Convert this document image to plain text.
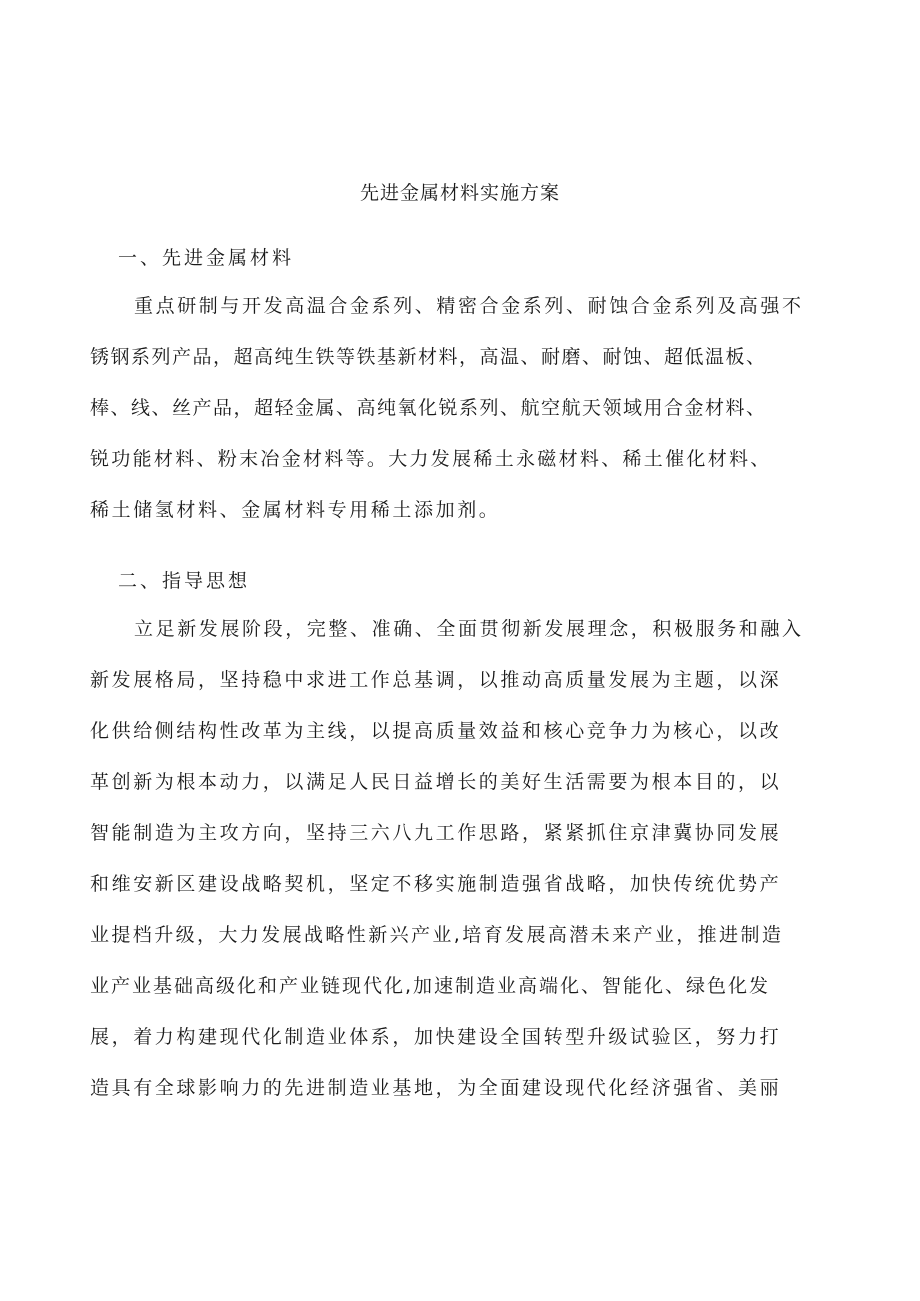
先进金属材料实施方案
一、先进金属材料
重点研制与开发高温合金系列、精密合金系列、耐蚀合金系列及高强不
锈钢系列产品，超高纯生铁等铁基新材料，高温、耐磨、耐蚀、超低温板、
棒、线、丝产品，超轻金属、高纯氧化锐系列、航空航天领域用合金材料、
锐功能材料、粉末冶金材料等。大力发展稀土永磁材料、稀土催化材料、
稀土储氢材料、金属材料专用稀土添加剂。
二、指导思想
立足新发展阶段，完整、准确、全面贯彻新发展理念，积极服务和融入
新发展格局，坚持稳中求进工作总基调，以推动高质量发展为主题，以深
化供给侧结构性改革为主线，以提高质量效益和核心竞争力为核心，以改
革创新为根本动力，以满足人民日益增长的美好生活需要为根本目的，以
智能制造为主攻方向，坚持三六八九工作思路，紧紧抓住京津冀协同发展
和维安新区建设战略契机，坚定不移实施制造强省战略，加快传统优势产
业提档升级，大力发展战略性新兴产业,培育发展高潜未来产业，推进制造
业产业基础高级化和产业链现代化,加速制造业高端化、智能化、绿色化发
展，着力构建现代化制造业体系，加快建设全国转型升级试验区，努力打
造具有全球影响力的先进制造业基地，为全面建设现代化经济强省、美丽
